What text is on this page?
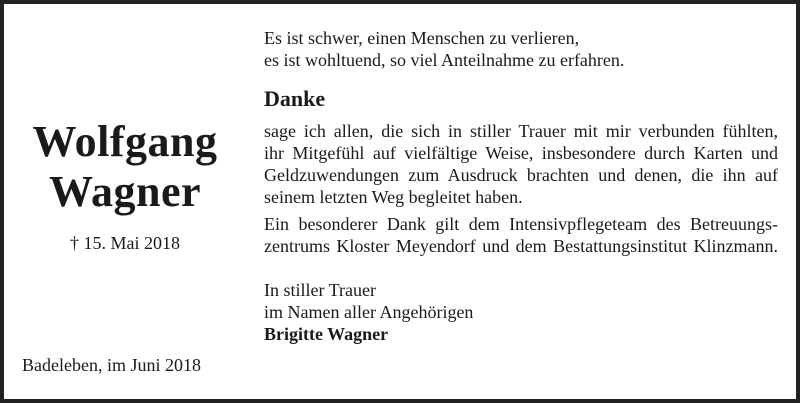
Wolfgang
Wagner
† 15. Mai 2018
Badeleben, im Juni 2018
Es ist schwer, einen Menschen zu verlieren,
es ist wohltuend, so viel Anteilnahme zu erfahren.
Danke
sage ich allen, die sich in stiller Trauer mit mir verbunden fühlten,
ihr Mitgefühl auf vielfältige Weise, insbesondere durch Karten und
Geldzuwendungen zum Ausdruck brachten und denen, die ihn auf
seinem letzten Weg begleitet haben.
Ein besonderer Dank gilt dem Intensivpflegeteam des Betreuungs-
zentrums Kloster Meyendorf und dem Bestattungsinstitut Klinzmann.
In stiller Trauer
im Namen aller Angehörigen
Brigitte Wagner
